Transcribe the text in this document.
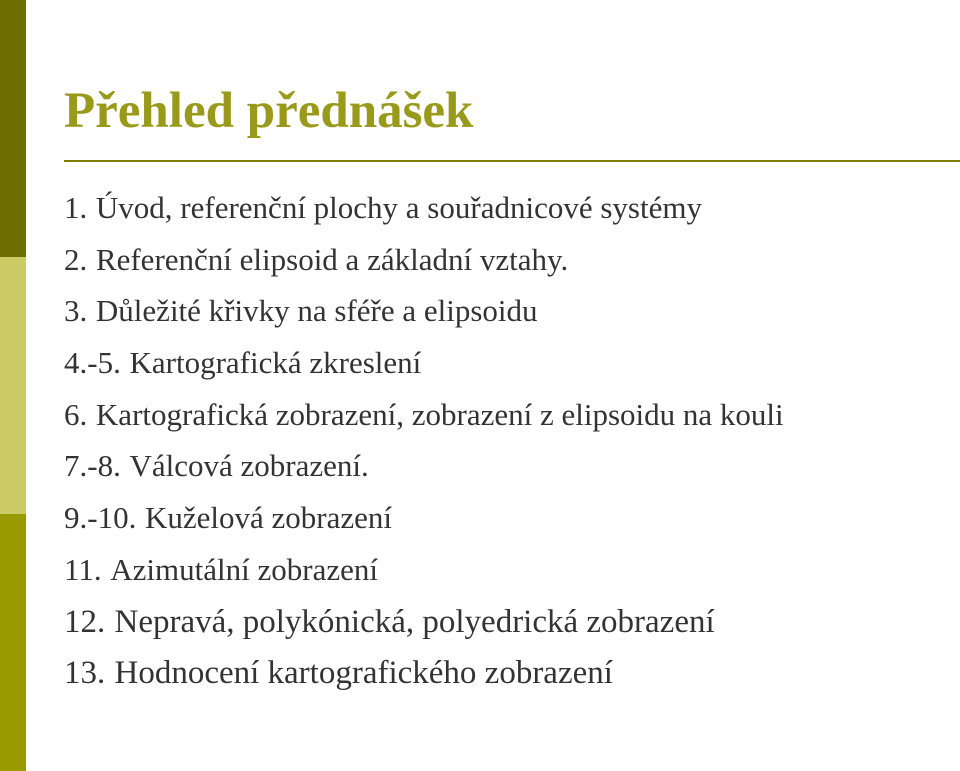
Přehled přednášek
1. Úvod, referenční plochy a souřadnicové systémy
2. Referenční elipsoid a základní vztahy.
3. Důležité křivky na sféře a elipsoidu
4.-5. Kartografická zkreslení
6. Kartografická zobrazení, zobrazení z elipsoidu na kouli
7.-8. Válcová zobrazení.
9.-10. Kuželová zobrazení
11. Azimutální zobrazení
12. Nepravá, polykónická, polyedrická zobrazení
13. Hodnocení kartografického zobrazení
